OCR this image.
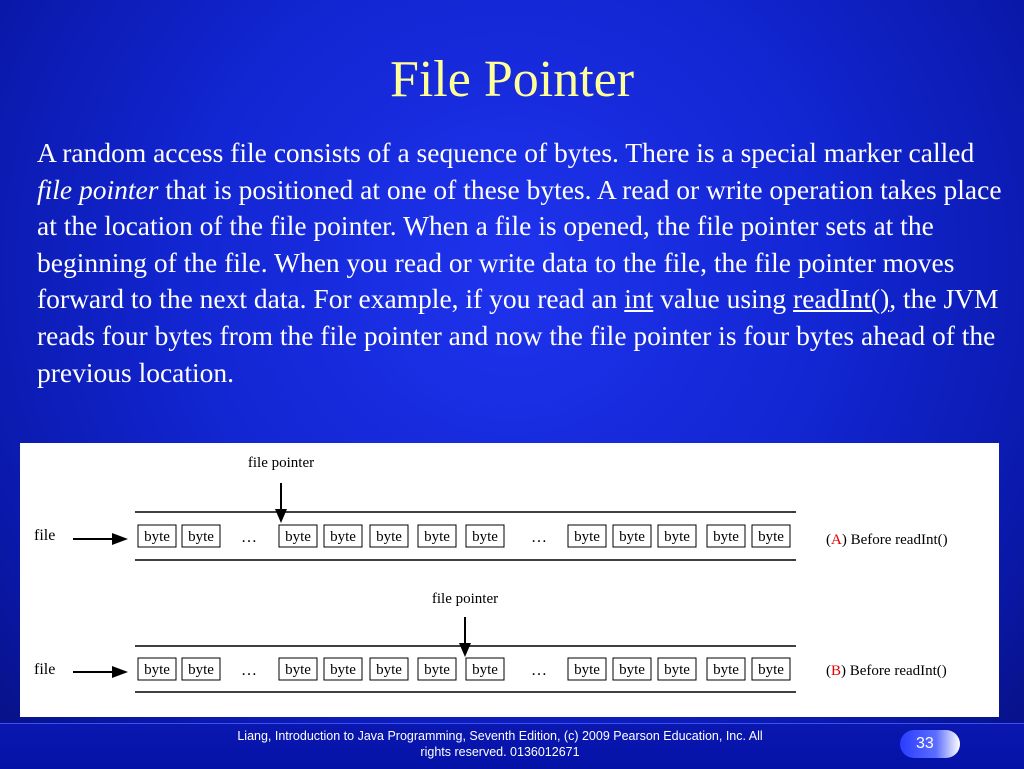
File Pointer
A random access file consists of a sequence of bytes. There is a special marker called file pointer that is positioned at one of these bytes. A read or write operation takes place at the location of the file pointer. When a file is opened, the file pointer sets at the beginning of the file. When you read or write data to the file, the file pointer moves forward to the next data. For example, if you read an int value using readInt(), the JVM reads four bytes from the file pointer and now the file pointer is four bytes ahead of the previous location.
file	byte byte	byte byte byte byte byte	byte byte byte byte byte
…	…
file pointer
(A) Before readInt()
file	byte byte	byte byte byte byte byte	byte byte byte byte byte
…	…
file pointer
(B) Before readInt()
Liang, Introduction to Java Programming, Seventh Edition, (c) 2009 Pearson Education, Inc. All
rights reserved. 0136012671	33
